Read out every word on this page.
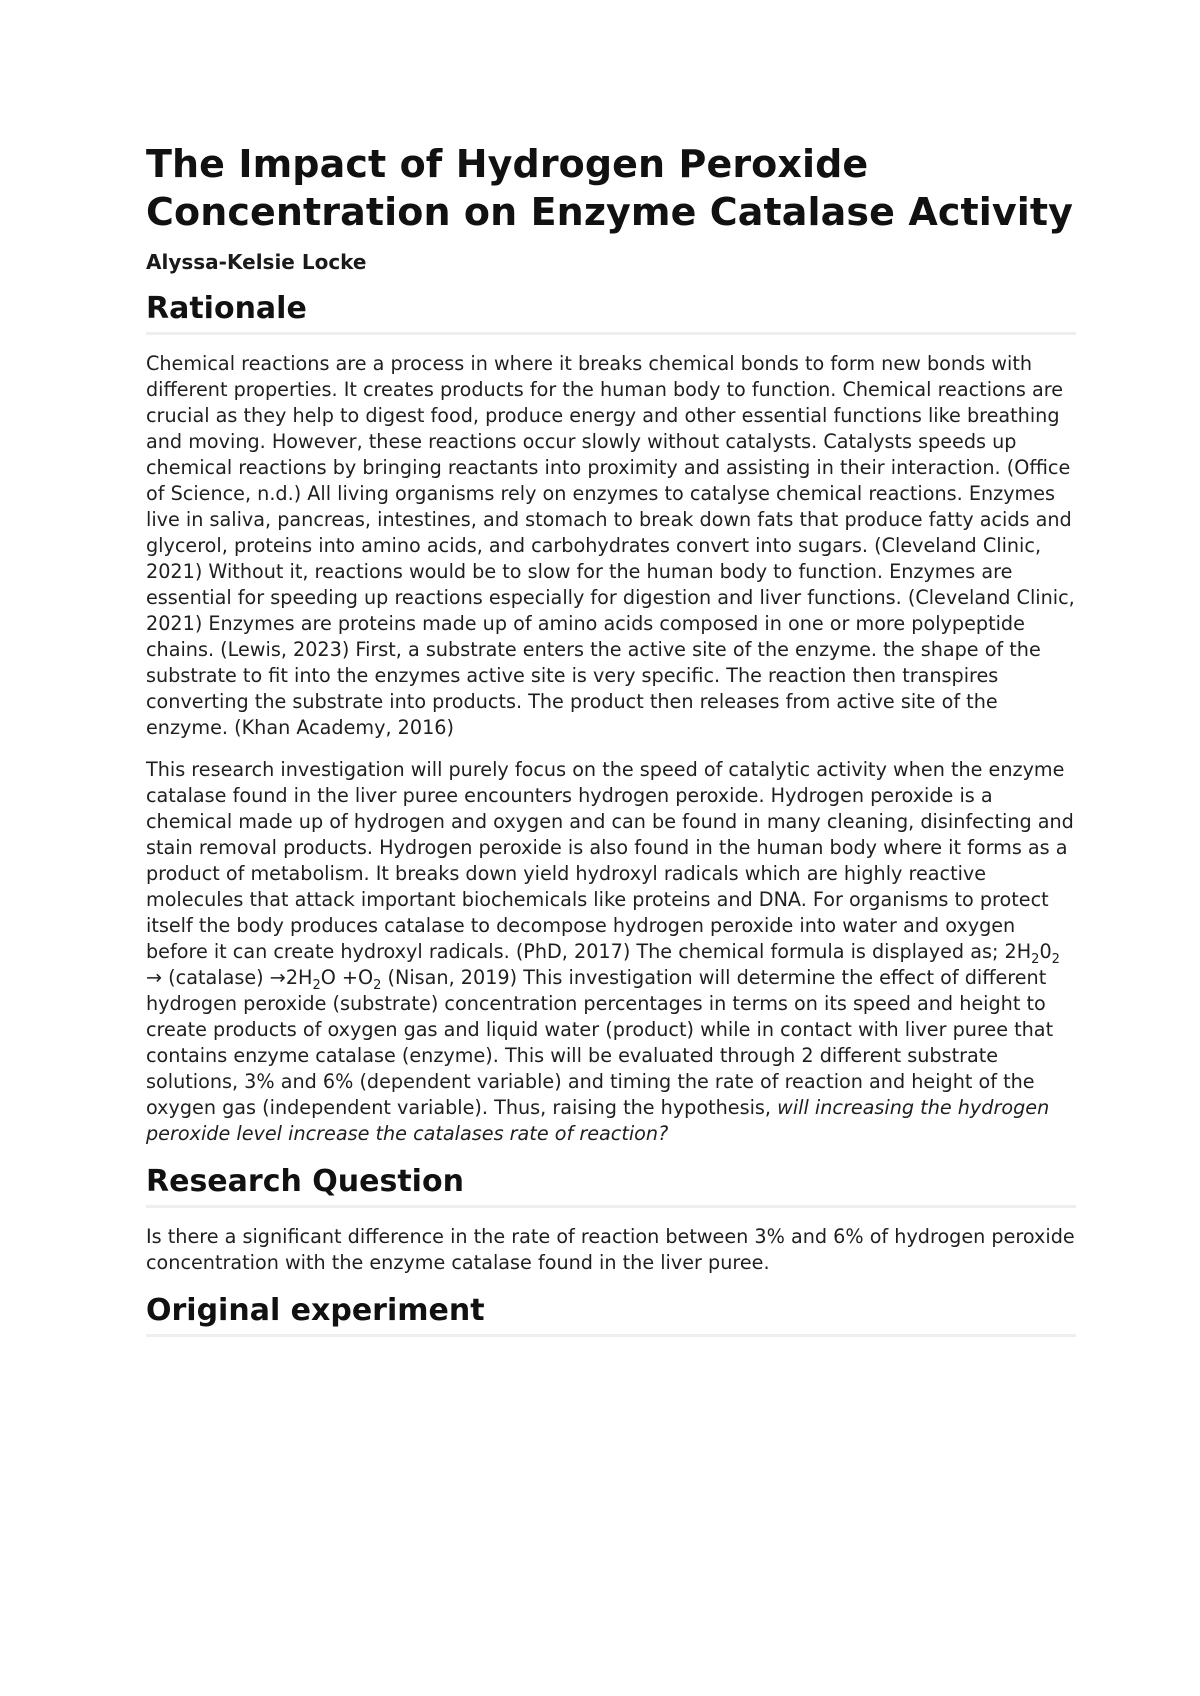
The Impact of Hydrogen Peroxide Concentration on Enzyme Catalase Activity
Alyssa-Kelsie Locke
Rationale

Chemical reactions are a process in where it breaks chemical bonds to form new bonds with different properties. It creates products for the human body to function. Chemical reactions are crucial as they help to digest food, produce energy and other essential functions like breathing and moving. However, these reactions occur slowly without catalysts. Catalysts speeds up chemical reactions by bringing reactants into proximity and assisting in their interaction. (Office of Science, n.d.) All living organisms rely on enzymes to catalyse chemical reactions. Enzymes live in saliva, pancreas, intestines, and stomach to break down fats that produce fatty acids and glycerol, proteins into amino acids, and carbohydrates convert into sugars. (Cleveland Clinic, 2021) Without it, reactions would be to slow for the human body to function. Enzymes are essential for speeding up reactions especially for digestion and liver functions. (Cleveland Clinic, 2021) Enzymes are proteins made up of amino acids composed in one or more polypeptide chains. (Lewis, 2023) First, a substrate enters the active site of the enzyme. the shape of the substrate to fit into the enzymes active site is very specific. The reaction then transpires converting the substrate into products. The product then releases from active site of the enzyme. (Khan Academy, 2016)

This research investigation will purely focus on the speed of catalytic activity when the enzyme catalase found in the liver puree encounters hydrogen peroxide. Hydrogen peroxide is a chemical made up of hydrogen and oxygen and can be found in many cleaning, disinfecting and stain removal products. Hydrogen peroxide is also found in the human body where it forms as a product of metabolism. It breaks down yield hydroxyl radicals which are highly reactive molecules that attack important biochemicals like proteins and DNA. For organisms to protect itself the body produces catalase to decompose hydrogen peroxide into water and oxygen before it can create hydroxyl radicals. (PhD, 2017) The chemical formula is displayed as; $2H_20_2$ → (catalase) $\to 2H_2O +O_2$ (Nisan, 2019) This investigation will determine the effect of different hydrogen peroxide (substrate) concentration percentages in terms on its speed and height to create products of oxygen gas and liquid water (product) while in contact with liver puree that contains enzyme catalase (enzyme). This will be evaluated through 2 different substrate solutions, 3% and 6% (dependent variable) and timing the rate of reaction and height of the oxygen gas (independent variable). Thus, raising the hypothesis, will increasing the hydrogen peroxide level increase the catalases rate of reaction?

Research Question

Is there a significant difference in the rate of reaction between 3% and 6% of hydrogen peroxide concentration with the enzyme catalase found in the liver puree.

Original experiment
